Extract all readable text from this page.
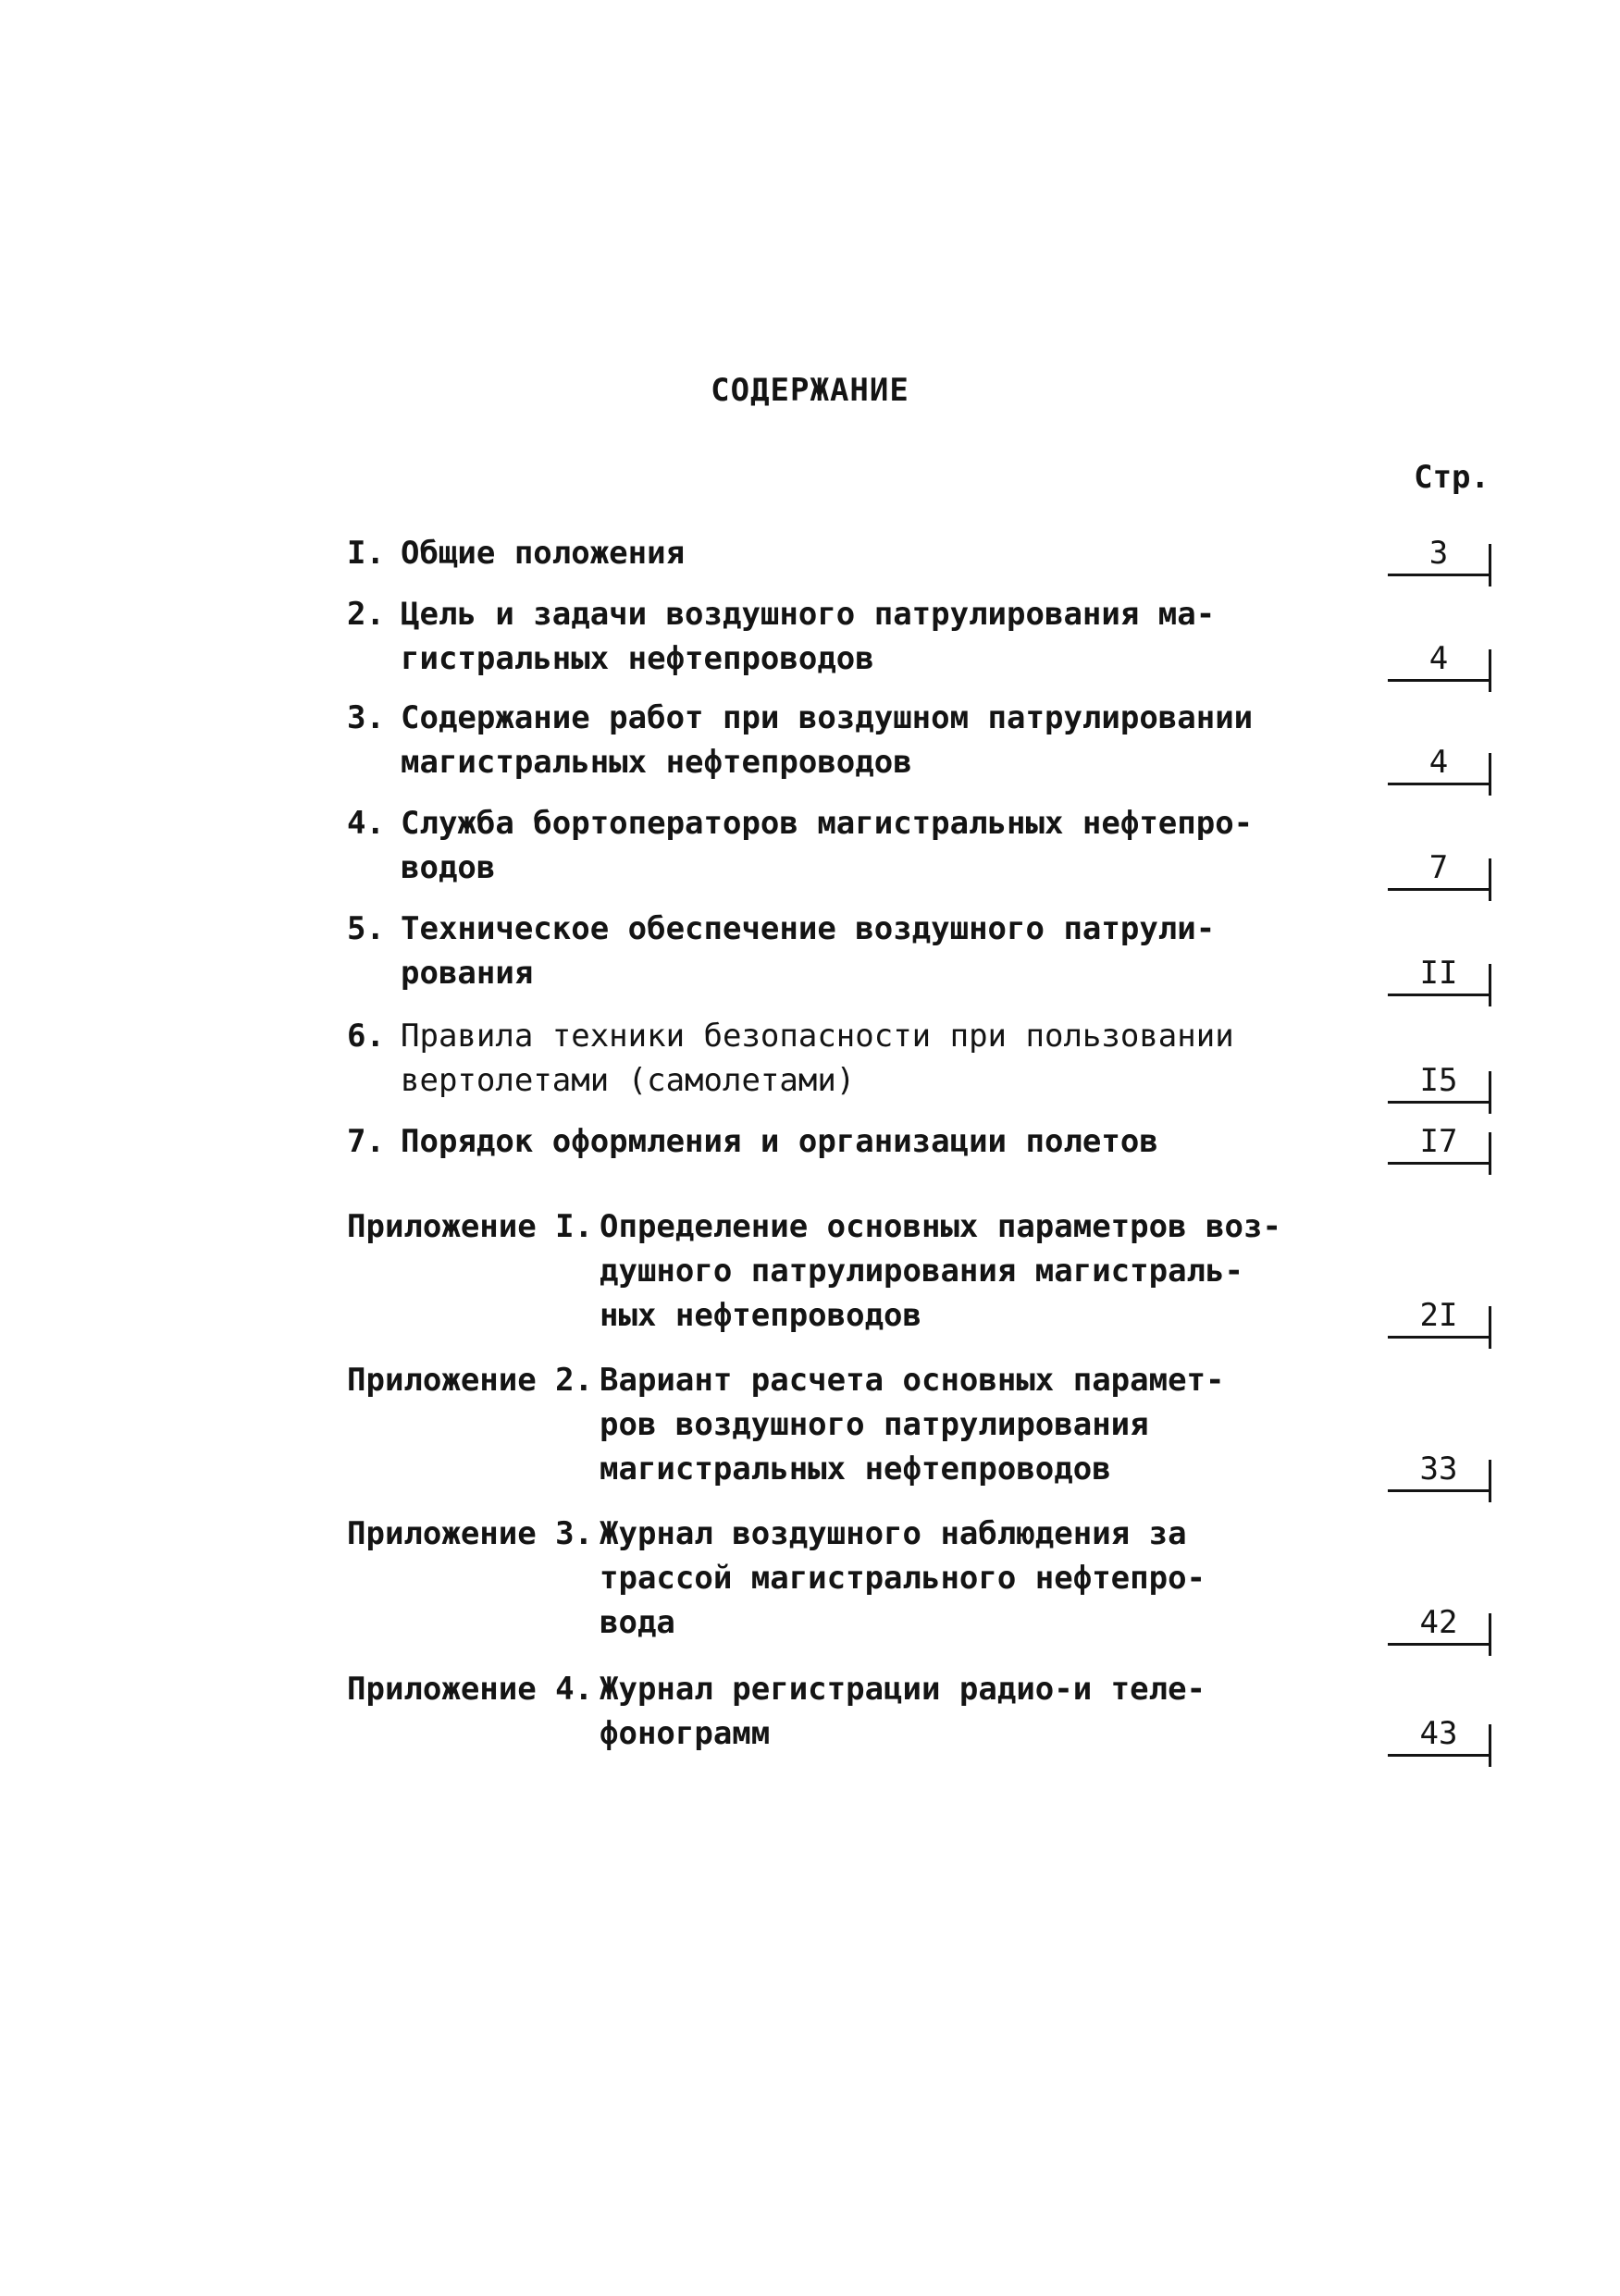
СОДЕРЖАНИЕ
Стр.
I. Общие положения	3
2. Цель и задачи воздушного патрулирования ма-
гистральных нефтепроводов	4
3. Содержание работ при воздушном патрулировании
магистральных нефтепроводов	4
4. Служба бортоператоров магистральных нефтепро-
водов	7
5. Техническое обеспечение воздушного патрули-
рования	II
6. Правила техники безопасности при пользовании
вертолетами (самолетами)	I5
7. Порядок оформления и организации полетов	I7
Приложение I. Определение основных параметров воз-
душного патрулирования магистраль-
ных нефтепроводов	2I
Приложение 2. Вариант расчета основных парамет-
ров воздушного патрулирования
магистральных нефтепроводов	33
Приложение 3. Журнал воздушного наблюдения за
трассой магистрального нефтепро-
вода	42
Приложение 4. Журнал регистрации радио-и теле-
фонограмм	43
